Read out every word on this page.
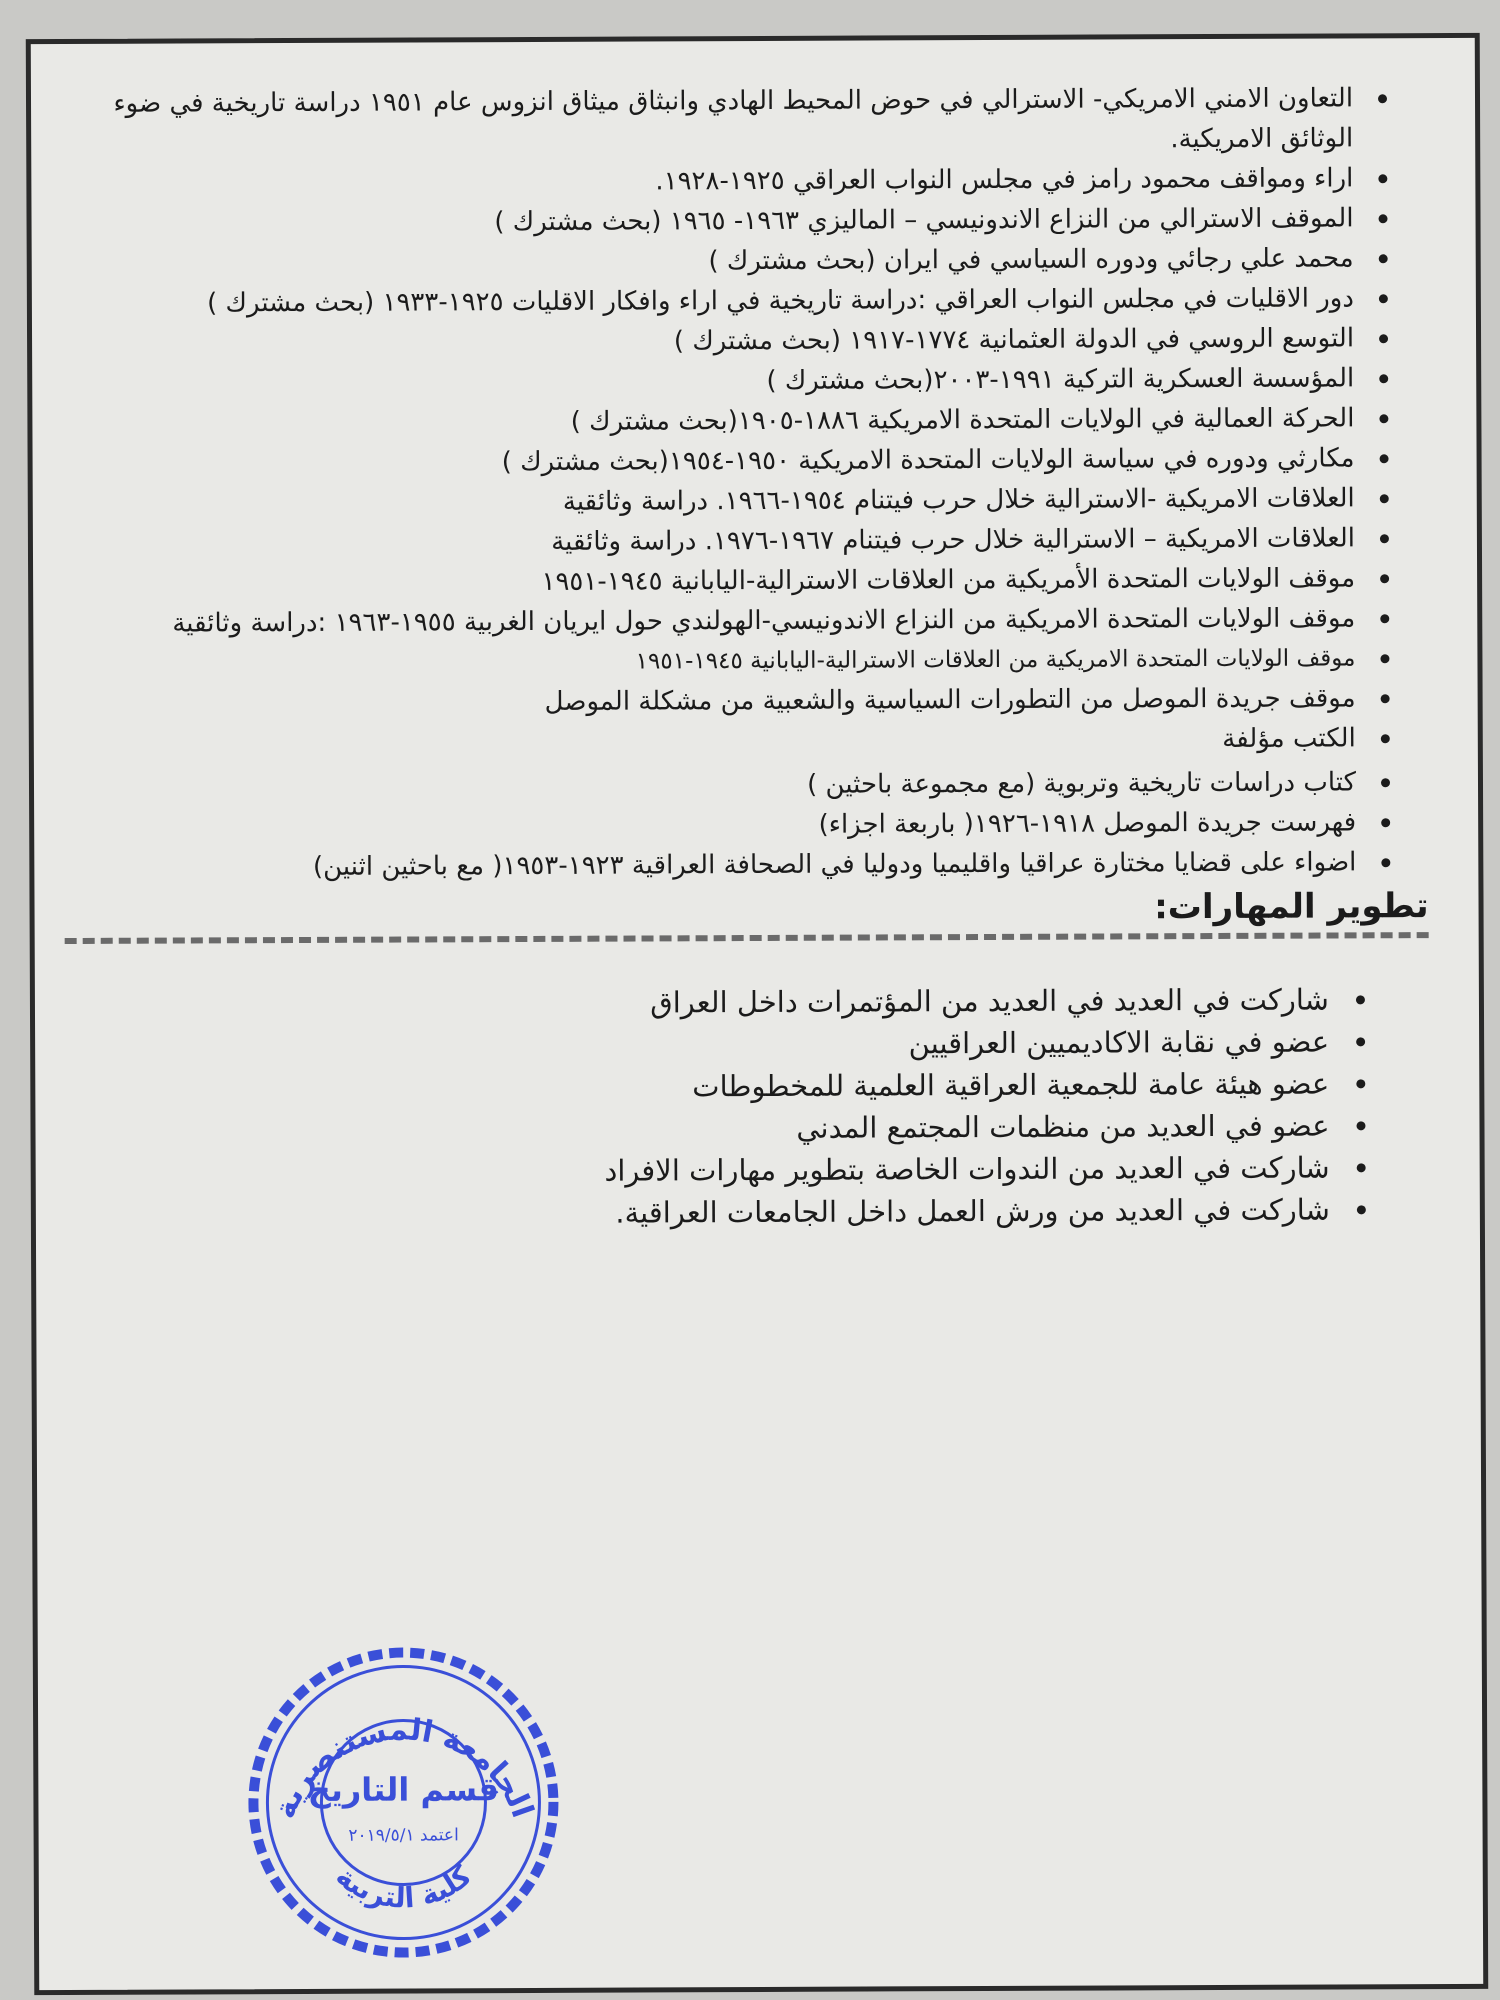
التعاون الامني الامريكي- الاسترالي في حوض المحيط الهادي وانبثاق ميثاق انزوس عام ١٩٥١ دراسة تاريخية في ضوء الوثائق الامريكية.
اراء ومواقف محمود رامز في مجلس النواب العراقي ١٩٢٥-١٩٢٨.
الموقف الاسترالي من النزاع الاندونيسي – الماليزي ١٩٦٣- ١٩٦٥ (بحث مشترك )
محمد علي رجائي ودوره السياسي في ايران (بحث مشترك )
دور الاقليات في مجلس النواب العراقي :دراسة تاريخية في اراء وافكار الاقليات ١٩٢٥-١٩٣٣ (بحث مشترك )
التوسع الروسي في الدولة العثمانية ١٧٧٤-١٩١٧ (بحث مشترك )
المؤسسة العسكرية التركية ١٩٩١-٢٠٠٣(بحث مشترك )
الحركة العمالية في الولايات المتحدة الامريكية ١٨٨٦-١٩٠٥(بحث مشترك )
مكارثي ودوره في سياسة الولايات المتحدة الامريكية ١٩٥٠-١٩٥٤(بحث مشترك )
العلاقات الامريكية -الاسترالية خلال حرب فيتنام ١٩٥٤-١٩٦٦. دراسة وثائقية
العلاقات الامريكية – الاسترالية خلال حرب فيتنام ١٩٦٧-١٩٧٦. دراسة وثائقية
موقف الولايات المتحدة الأمريكية من العلاقات الاسترالية-اليابانية ١٩٤٥-١٩٥١
موقف الولايات المتحدة الامريكية من النزاع الاندونيسي-الهولندي حول ايريان الغربية ١٩٥٥-١٩٦٣ :دراسة وثائقية
موقف الولايات المتحدة الامريكية من العلاقات الاسترالية-اليابانية ١٩٤٥-١٩٥١
موقف جريدة الموصل من التطورات السياسية والشعبية من مشكلة الموصل
الكتب مؤلفة
كتاب دراسات تاريخية وتربوية (مع مجموعة باحثين )
فهرست جريدة الموصل ١٩١٨-١٩٢٦( باربعة اجزاء)
اضواء على قضايا مختارة عراقيا واقليميا ودوليا في الصحافة العراقية ١٩٢٣-١٩٥٣( مع باحثين اثنين)
تطوير المهارات:
شاركت في العديد في العديد من المؤتمرات داخل العراق
عضو في نقابة الاكاديميين العراقيين
عضو هيئة عامة للجمعية العراقية العلمية للمخطوطات
عضو في العديد من منظمات المجتمع المدني
شاركت في العديد من الندوات الخاصة بتطوير مهارات الافراد
شاركت في العديد من ورش العمل داخل الجامعات العراقية.
الجامعة المستنصرية
قسم التاريخ
اعتمد ٢٠١٩/٥/١
كلية التربية
